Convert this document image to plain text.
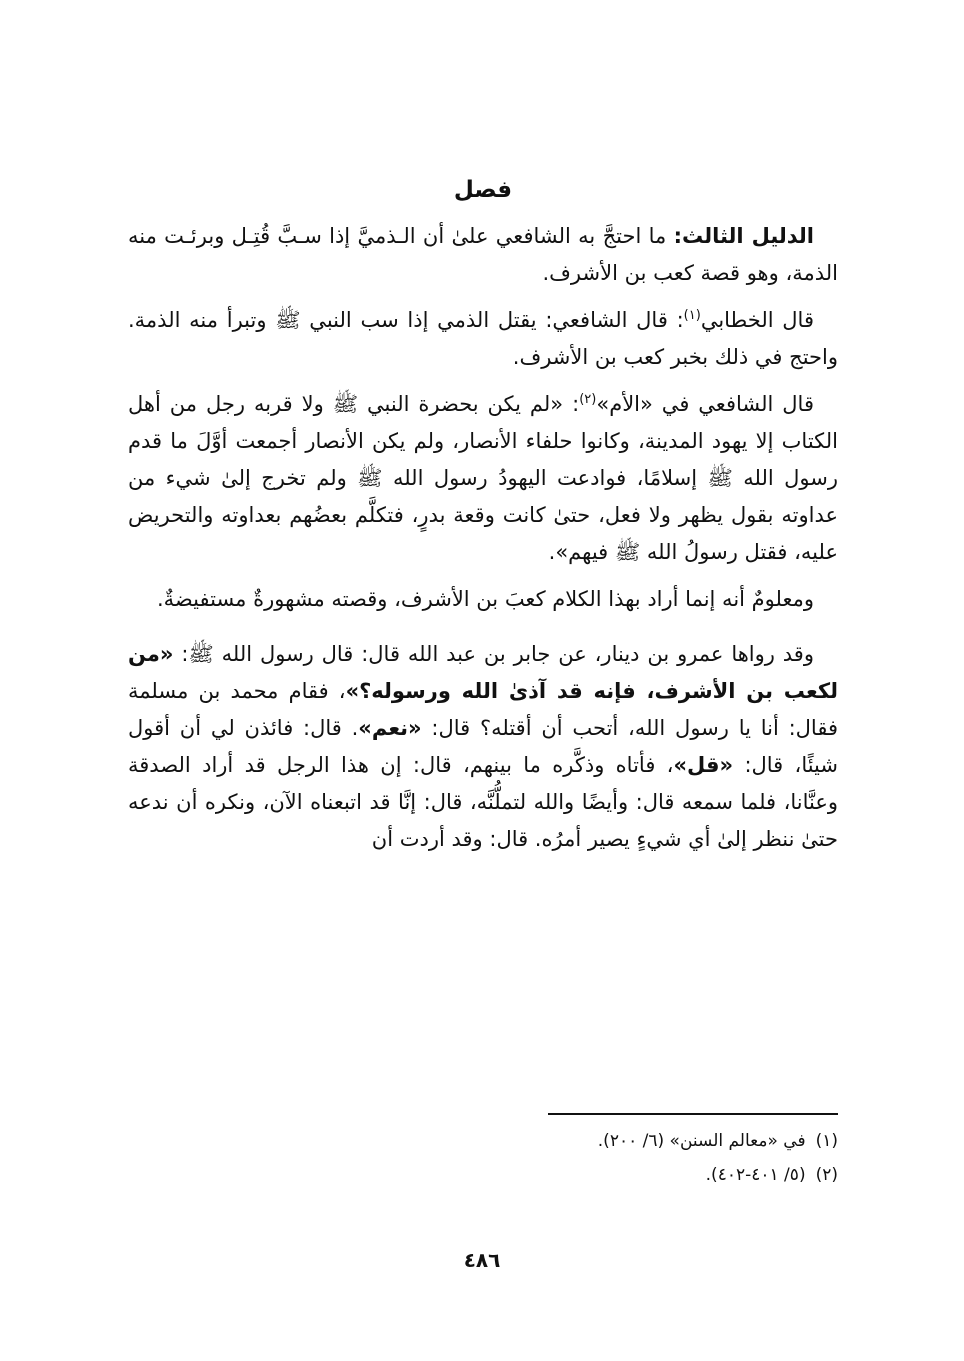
فصل

الدليل الثالث: ما احتجَّ به الشافعي علىٰ أن الـذميَّ إذا سـبَّ قُتِـل وبرئـت منه الذمة، وهو قصة كعب بن الأشرف.

قال الخطابي$^{(١)}$: قال الشافعي: يقتل الذمي إذا سب النبي ﷺ وتبرأ منه الذمة. واحتج في ذلك بخبر كعب بن الأشرف.

قال الشافعي في «الأم»$^{(٢)}$: «لم يكن بحضرة النبي ﷺ ولا قربه رجل من أهل الكتاب إلا يهود المدينة، وكانوا حلفاء الأنصار، ولم يكن الأنصار أجمعت أوَّلَ ما قدم رسول الله ﷺ إسلامًا، فوادعت اليهودُ رسول الله ﷺ ولم تخرج إلىٰ شيء من عداوته بقول يظهر ولا فعل، حتىٰ كانت وقعة بدرٍ، فتكلَّم بعضُهم بعداوته والتحريض عليه، فقتل رسولُ الله ﷺ فيهم».

ومعلومٌ أنه إنما أراد بهذا الكلام كعبَ بن الأشرف، وقصته مشهورةٌ مستفيضةٌ.

وقد رواها عمرو بن دينار، عن جابر بن عبد الله قال: قال رسول الله ﷺ: «من لكعب بن الأشرف، فإنه قد آذىٰ الله ورسوله؟»، فقام محمد بن مسلمة فقال: أنا يا رسول الله، أتحب أن أقتله؟ قال: «نعم». قال: فائذن لي أن أقول شيئًا، قال: «قل»، فأتاه وذكَّره ما بينهم، قال: إن هذا الرجل قد أراد الصدقة وعنَّانا، فلما سمعه قال: وأيضًا والله لتملُّنَّه، قال: إنَّا قد اتبعناه الآن، ونكره أن ندعه حتىٰ ننظر إلىٰ أي شيءٍ يصير أمرُه. قال: وقد أردت أن

(١)في «معالم السنن» (٦/ ٢٠٠).
(٢)(٥/ ٤٠١-٤٠٢).
٤٨٦
